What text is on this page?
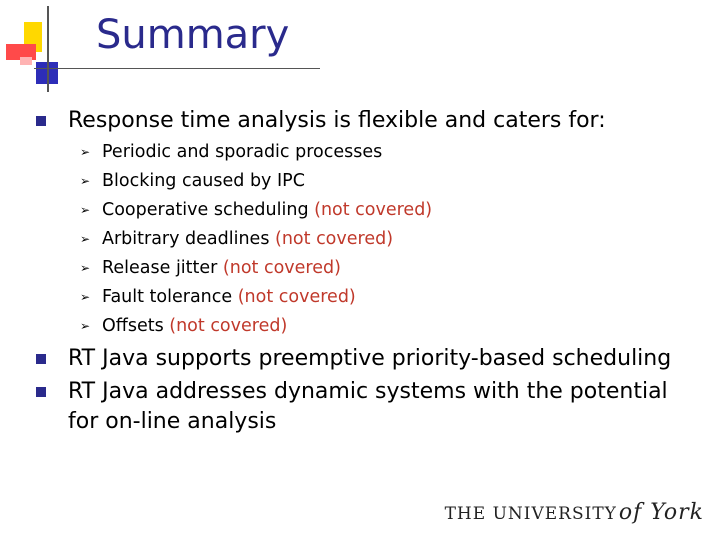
Summary
Response time analysis is flexible and caters for:
➢ Periodic and sporadic processes
➢ Blocking caused by IPC
➢ Cooperative scheduling (not covered)
➢ Arbitrary deadlines (not covered)
➢ Release jitter (not covered)
➢ Fault tolerance (not covered)
➢ Offsets (not covered)
RT Java supports preemptive priority-based scheduling
RT Java addresses dynamic systems with the potential for on-line analysis
THE UNIVERSITY of York
